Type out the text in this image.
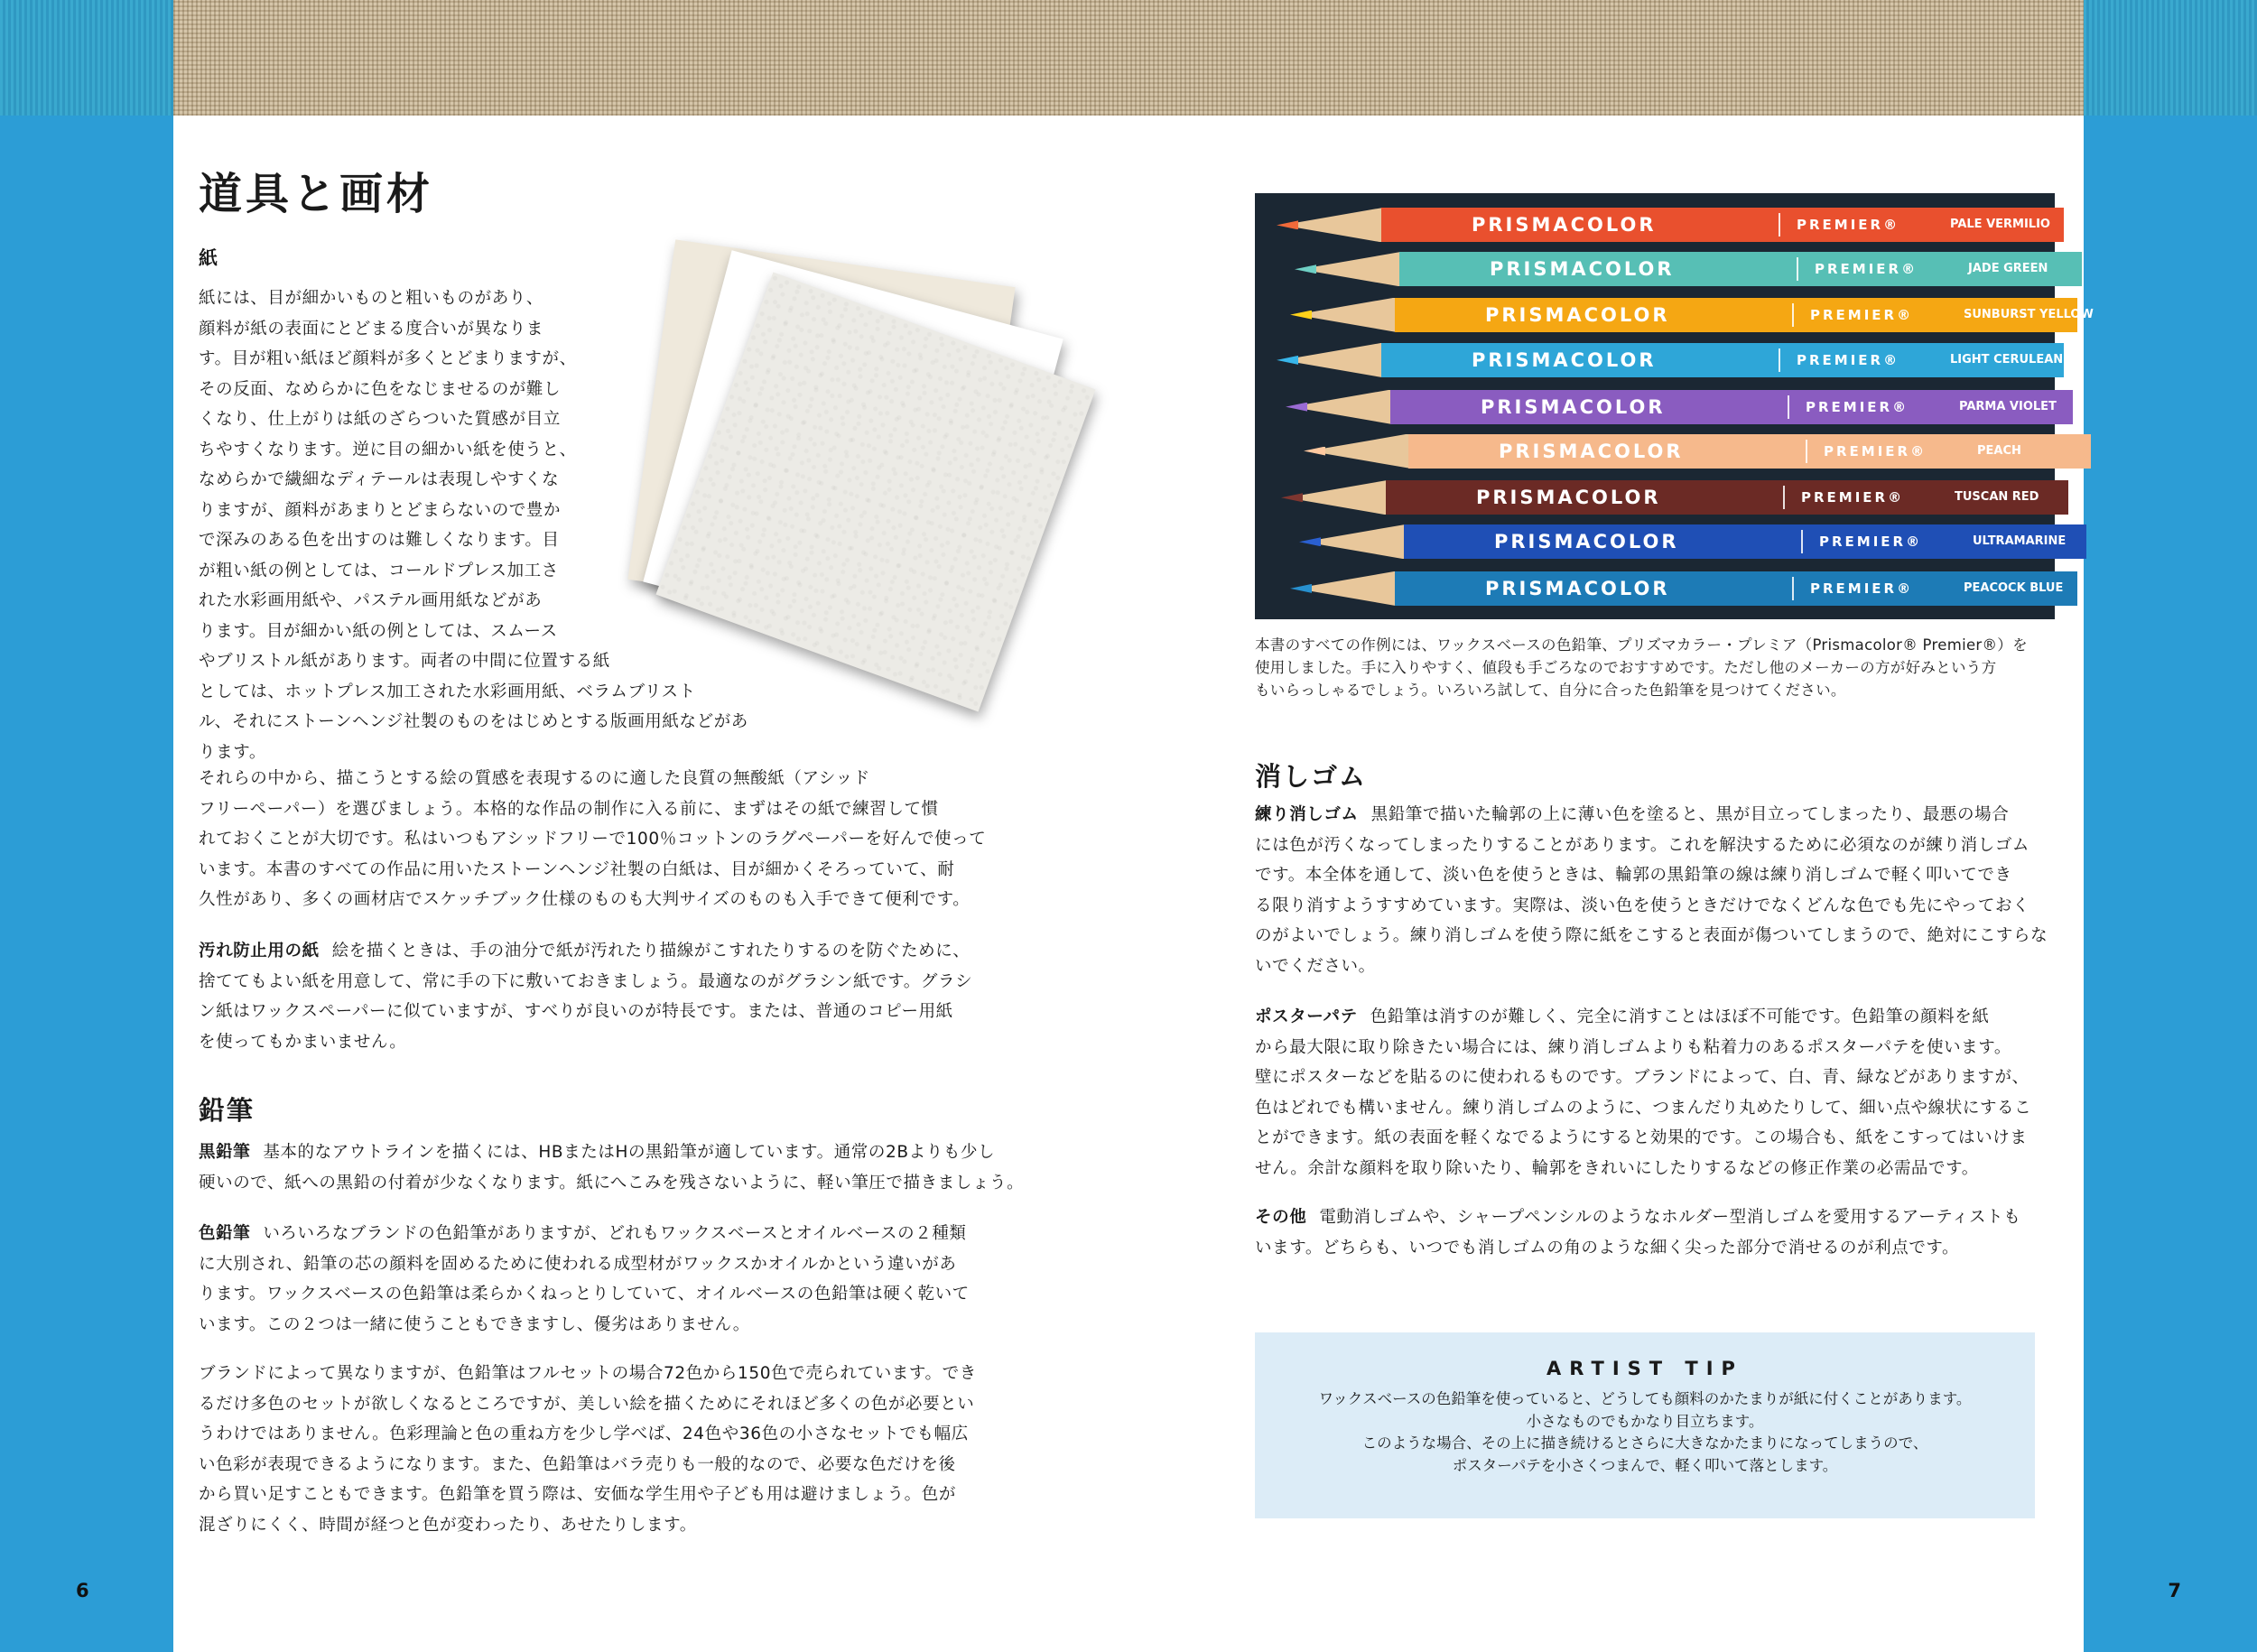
6	7
道具と画材
紙
紙には、目が細かいものと粗いものがあり、
顔料が紙の表面にとどまる度合いが異なりま
す。目が粗い紙ほど顔料が多くとどまりますが、
その反面、なめらかに色をなじませるのが難し
くなり、仕上がりは紙のざらついた質感が目立
ちやすくなります。逆に目の細かい紙を使うと、
なめらかで繊細なディテールは表現しやすくな
りますが、顔料があまりとどまらないので豊か
で深みのある色を出すのは難しくなります。目
が粗い紙の例としては、コールドプレス加工さ
れた水彩画用紙や、パステル画用紙などがあ
ります。目が細かい紙の例としては、スムース
やブリストル紙があります。両者の中間に位置する紙
としては、ホットプレス加工された水彩画用紙、ベラムブリスト
ル、それにストーンヘンジ社製のものをはじめとする版画用紙などがあ
ります。
それらの中から、描こうとする絵の質感を表現するのに適した良質の無酸紙（アシッド
フリーペーパー）を選びましょう。本格的な作品の制作に入る前に、まずはその紙で練習して慣
れておくことが大切です。私はいつもアシッドフリーで100％コットンのラグペーパーを好んで使って
います。本書のすべての作品に用いたストーンヘンジ社製の白紙は、目が細かくそろっていて、耐
久性があり、多くの画材店でスケッチブック仕様のものも大判サイズのものも入手できて便利です。
汚れ防止用の紙 絵を描くときは、手の油分で紙が汚れたり描線がこすれたりするのを防ぐために、
捨ててもよい紙を用意して、常に手の下に敷いておきましょう。最適なのがグラシン紙です。グラシ
ン紙はワックスペーパーに似ていますが、すべりが良いのが特長です。または、普通のコピー用紙
を使ってもかまいません。
鉛筆
黒鉛筆 基本的なアウトラインを描くには、HBまたはHの黒鉛筆が適しています。通常の2Bよりも少し
硬いので、紙への黒鉛の付着が少なくなります。紙にへこみを残さないように、軽い筆圧で描きましょう。
色鉛筆 いろいろなブランドの色鉛筆がありますが、どれもワックスベースとオイルベースの２種類
に大別され、鉛筆の芯の顔料を固めるために使われる成型材がワックスかオイルかという違いがあ
ります。ワックスベースの色鉛筆は柔らかくねっとりしていて、オイルベースの色鉛筆は硬く乾いて
います。この２つは一緒に使うこともできますし、優劣はありません。
ブランドによって異なりますが、色鉛筆はフルセットの場合72色から150色で売られています。でき
るだけ多色のセットが欲しくなるところですが、美しい絵を描くためにそれほど多くの色が必要とい
うわけではありません。色彩理論と色の重ね方を少し学べば、24色や36色の小さなセットでも幅広
い色彩が表現できるようになります。また、色鉛筆はバラ売りも一般的なので、必要な色だけを後
から買い足すこともできます。色鉛筆を買う際は、安価な学生用や子ども用は避けましょう。色が
混ざりにくく、時間が経つと色が変わったり、あせたりします。
PRISMACOLOR	PREMIER®	PALE VERMILIO
PRISMACOLOR	PREMIER®	JADE GREEN
PRISMACOLOR	PREMIER®	SUNBURST YELLOW
PRISMACOLOR	PREMIER®	LIGHT CERULEAN
PRISMACOLOR	PREMIER®	PARMA VIOLET
PRISMACOLOR	PREMIER®	PEACH
PRISMACOLOR	PREMIER®	TUSCAN RED
PRISMACOLOR	PREMIER®	ULTRAMARINE
PRISMACOLOR	PREMIER®	PEACOCK BLUE
本書のすべての作例には、ワックスベースの色鉛筆、プリズマカラー・プレミア（Prismacolor® Premier®）を
使用しました。手に入りやすく、値段も手ごろなのでおすすめです。ただし他のメーカーの方が好みという方
もいらっしゃるでしょう。いろいろ試して、自分に合った色鉛筆を見つけてください。
消しゴム
練り消しゴム 黒鉛筆で描いた輪郭の上に薄い色を塗ると、黒が目立ってしまったり、最悪の場合
には色が汚くなってしまったりすることがあります。これを解決するために必須なのが練り消しゴム
です。本全体を通して、淡い色を使うときは、輪郭の黒鉛筆の線は練り消しゴムで軽く叩いてでき
る限り消すようすすめています。実際は、淡い色を使うときだけでなくどんな色でも先にやっておく
のがよいでしょう。練り消しゴムを使う際に紙をこすると表面が傷ついてしまうので、絶対にこすらな
いでください。
ポスターパテ 色鉛筆は消すのが難しく、完全に消すことはほぼ不可能です。色鉛筆の顔料を紙
から最大限に取り除きたい場合には、練り消しゴムよりも粘着力のあるポスターパテを使います。
壁にポスターなどを貼るのに使われるものです。ブランドによって、白、青、緑などがありますが、
色はどれでも構いません。練り消しゴムのように、つまんだり丸めたりして、細い点や線状にするこ
とができます。紙の表面を軽くなでるようにすると効果的です。この場合も、紙をこすってはいけま
せん。余計な顔料を取り除いたり、輪郭をきれいにしたりするなどの修正作業の必需品です。
その他 電動消しゴムや、シャープペンシルのようなホルダー型消しゴムを愛用するアーティストも
います。どちらも、いつでも消しゴムの角のような細く尖った部分で消せるのが利点です。

ARTIST TIP

ワックスベースの色鉛筆を使っていると、どうしても顔料のかたまりが紙に付くことがあります。
小さなものでもかなり目立ちます。
このような場合、その上に描き続けるとさらに大きなかたまりになってしまうので、
ポスターパテを小さくつまんで、軽く叩いて落とします。
